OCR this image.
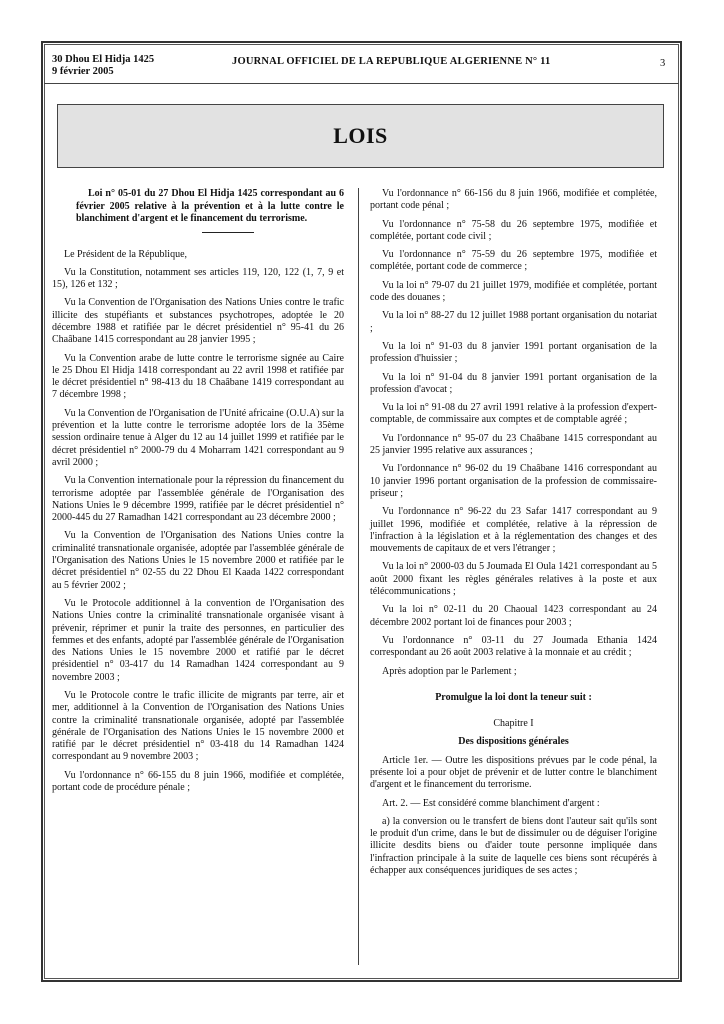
30 Dhou El Hidja 1425
9 février 2005
JOURNAL OFFICIEL DE LA REPUBLIQUE ALGERIENNE N° 11	3
LOIS

Loi n° 05-01 du 27 Dhou El Hidja 1425 correspondant au 6 février 2005 relative à la prévention et à la lutte contre le blanchiment d'argent et le financement du terrorisme.

Le Président de la République,

Vu la Constitution, notamment ses articles 119, 120, 122 (1, 7, 9 et 15), 126 et 132 ;

Vu la Convention de l'Organisation des Nations Unies contre le trafic illicite des stupéfiants et substances psychotropes, adoptée le 20 décembre 1988 et ratifiée par le décret présidentiel n° 95-41 du 26 Chaâbane 1415 correspondant au 28 janvier 1995 ;

Vu la Convention arabe de lutte contre le terrorisme signée au Caire le 25 Dhou El Hidja 1418 correspondant au 22 avril 1998 et ratifiée par le décret présidentiel n° 98-413 du 18 Chaâbane 1419 correspondant au 7 décembre 1998 ;

Vu la Convention de l'Organisation de l'Unité africaine (O.U.A) sur la prévention et la lutte contre le terrorisme adoptée lors de la 35ème session ordinaire tenue à Alger du 12 au 14 juillet 1999 et ratifiée par le décret présidentiel n° 2000-79 du 4 Moharram 1421 correspondant au 9 avril 2000 ;

Vu la Convention internationale pour la répression du financement du terrorisme adoptée par l'assemblée générale de l'Organisation des Nations Unies le 9 décembre 1999, ratifiée par le décret présidentiel n° 2000-445 du 27 Ramadhan 1421 correspondant au 23 décembre 2000 ;

Vu la Convention de l'Organisation des Nations Unies contre la criminalité transnationale organisée, adoptée par l'assemblée générale de l'Organisation des Nations Unies le 15 novembre 2000 et ratifiée par le décret présidentiel n° 02-55 du 22 Dhou El Kaada 1422 correspondant au 5 février 2002 ;

Vu le Protocole additionnel à la convention de l'Organisation des Nations Unies contre la criminalité transnationale organisée visant à prévenir, réprimer et punir la traite des personnes, en particulier des femmes et des enfants, adopté par l'assemblée générale de l'Organisation des Nations Unies le 15 novembre 2000 et ratifié par le décret présidentiel n° 03-417 du 14 Ramadhan 1424 correspondant au 9 novembre 2003 ;

Vu le Protocole contre le trafic illicite de migrants par terre, air et mer, additionnel à la Convention de l'Organisation des Nations Unies contre la criminalité transnationale organisée, adopté par l'assemblée générale de l'Organisation des Nations Unies le 15 novembre 2000 et ratifié par le décret présidentiel n° 03-418 du 14 Ramadhan 1424 correspondant au 9 novembre 2003 ;

Vu l'ordonnance n° 66-155 du 8 juin 1966, modifiée et complétée, portant code de procédure pénale ;

Vu l'ordonnance n° 66-156 du 8 juin 1966, modifiée et complétée, portant code pénal ;

Vu l'ordonnance n° 75-58 du 26 septembre 1975, modifiée et complétée, portant code civil ;

Vu l'ordonnance n° 75-59 du 26 septembre 1975, modifiée et complétée, portant code de commerce ;

Vu la loi n° 79-07 du 21 juillet 1979, modifiée et complétée, portant code des douanes ;

Vu la loi n° 88-27 du 12 juillet 1988 portant organisation du notariat ;

Vu la loi n° 91-03 du 8 janvier 1991 portant organisation de la profession d'huissier ;

Vu la loi n° 91-04 du 8 janvier 1991 portant organisation de la profession d'avocat ;

Vu la loi n° 91-08 du 27 avril 1991 relative à la profession d'expert-comptable, de commissaire aux comptes et de comptable agréé ;

Vu l'ordonnance n° 95-07 du 23 Chaâbane 1415 correspondant au 25 janvier 1995 relative aux assurances ;

Vu l'ordonnance n° 96-02 du 19 Chaâbane 1416 correspondant au 10 janvier 1996 portant organisation de la profession de commissaire-priseur ;

Vu l'ordonnance n° 96-22 du 23 Safar 1417 correspondant au 9 juillet 1996, modifiée et complétée, relative à la répression de l'infraction à la législation et à la réglementation des changes et des mouvements de capitaux de et vers l'étranger ;

Vu la loi n° 2000-03 du 5 Joumada El Oula 1421 correspondant au 5 août 2000 fixant les règles générales relatives à la poste et aux télécommunications ;

Vu la loi n° 02-11 du 20 Chaoual 1423 correspondant au 24 décembre 2002 portant loi de finances pour 2003 ;

Vu l'ordonnance n° 03-11 du 27 Joumada Ethania 1424 correspondant au 26 août 2003 relative à la monnaie et au crédit ;

Après adoption par le Parlement ;

Promulgue la loi dont la teneur suit :

Chapitre I

Des dispositions générales

Article 1er. — Outre les dispositions prévues par le code pénal, la présente loi a pour objet de prévenir et de lutter contre le blanchiment d'argent et le financement du terrorisme.

Art. 2. — Est considéré comme blanchiment d'argent :

a) la conversion ou le transfert de biens dont l'auteur sait qu'ils sont le produit d'un crime, dans le but de dissimuler ou de déguiser l'origine illicite desdits biens ou d'aider toute personne impliquée dans l'infraction principale à la suite de laquelle ces biens sont récupérés à échapper aux conséquences juridiques de ses actes ;
